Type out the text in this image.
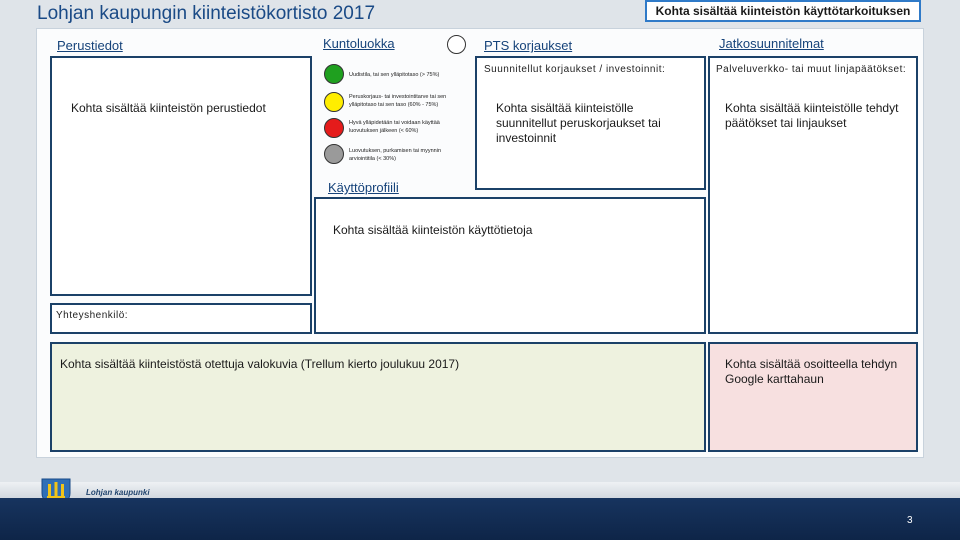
Lohjan kaupungin kiinteistökortisto 2017	Kohta sisältää kiinteistön käyttötarkoituksen
Perustiedot
Kohta sisältää kiinteistön perustiedot
Kuntoluokka
Uudistila, tai sen ylläpitotaso (> 75%)
Peruskorjaus- tai investointitarve tai sen ylläpitotaso tai sen taso (60% - 75%)
Hyvä ylläpidetään tai voidaan käyttää luovutuksen jälkeen (< 60%)
Luovutuksen, purkamisen tai myynnin arviointitila (< 30%)
PTS korjaukset
Suunnitellut korjaukset / investoinnit:
Kohta sisältää kiinteistölle suunnitellut peruskorjaukset tai investoinnit
Jatkosuunnitelmat
Palveluverkko- tai muut linjapäätökset:
Kohta sisältää kiinteistölle tehdyt päätökset tai linjaukset
Käyttöprofiili
Kohta sisältää kiinteistön käyttötietoja
Yhteyshenkilö:
Kohta sisältää kiinteistöstä otettuja valokuvia (Trellum kierto joulukuu 2017)	Kohta sisältää osoitteella tehdyn Google karttahaun
Lohjan kaupunki
3
